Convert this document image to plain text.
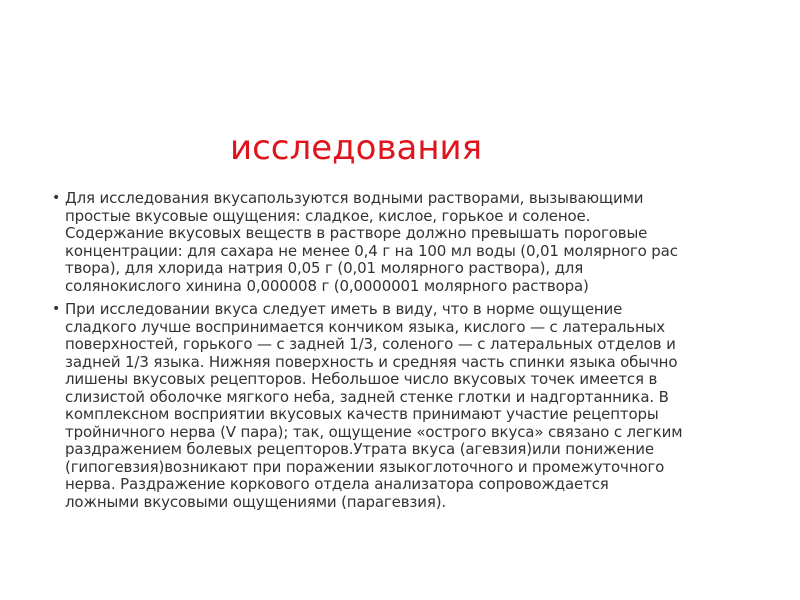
исследования
• Для исследования вкусапользуются водными растворами, вызывающими
простые вкусовые ощущения: сладкое, кислое, горькое и соленое.
Содержание вкусовых веществ в растворе должно превышать пороговые
концентрации: для сахара не менее 0,4 г на 100 мл воды (0,01 молярного рас
твора), для хлорида натрия 0,05 г (0,01 молярного раствора), для
солянокислого хинина 0,000008 г (0,0000001 молярного раствора)
• При исследовании вкуса следует иметь в виду, что в норме ощущение
сладкого лучше воспринимается кончиком языка, кислого — с латеральных
поверхностей, горького — с задней 1/3, соленого — с латеральных отделов и
задней 1/3 языка. Нижняя поверхность и средняя часть спинки языка обычно
лишены вкусовых рецепторов. Небольшое число вкусовых точек имеется в
слизистой оболочке мягкого неба, задней стенке глотки и надгортанника. В
комплексном восприятии вкусовых качеств принимают участие рецепторы
тройничного нерва (V пара); так, ощущение «острого вкуса» связано с легким
раздражением болевых рецепторов.Утрата вкуса (агевзия)или понижение
(гипогевзия)возникают при поражении языкоглоточного и промежуточного
нерва. Раздражение коркового отдела анализатора сопровождается
ложными вкусовыми ощущениями (парагевзия).
